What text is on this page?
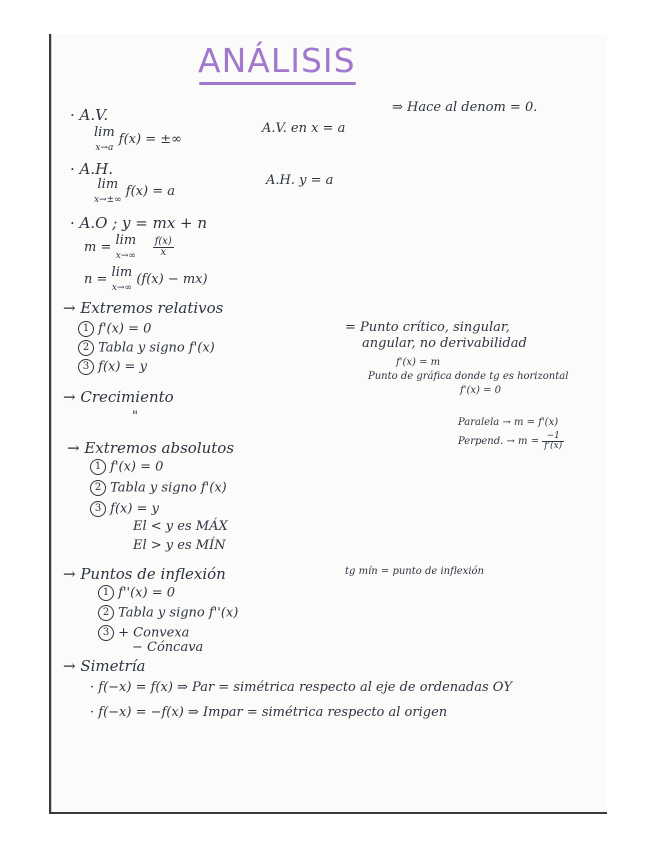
ANÁLISIS
· A.V.
lim
x→a f(x) = ±∞
A.V. en x = a
⇒ Hace al denom = 0.
· A.H.
lim
x→±∞ f(x) = a
A.H. y = a
· A.O ; y = mx + n
m = lim
$x\to\infty \frac{f(x)}{x}$
n = lim
x→∞ (f(x) − mx)
→ Extremos relativos
1 f'(x) = 0
2 Tabla y signo f'(x)
3 f(x) = y
= Punto crítico, singular,
angular, no derivabilidad
f'(x) = m
Punto de gráfica donde tg es horizontal
f'(x) = 0
→ Crecimiento
"	Paralela → m = f'(x)
Perpend. → $m = \frac{-1}{f'(x)}$
→ Extremos absolutos
1 f'(x) = 0
2 Tabla y signo f'(x)
3 f(x) = y
El < y es MÁX
El > y es MÍN
→ Puntos de inflexión	tg mín = punto de inflexión
1 f''(x) = 0
2 Tabla y signo f''(x)
3 + Convexa
− Cóncava
→ Simetría
· f(−x) = f(x) ⇒ Par = simétrica respecto al eje de ordenadas OY
· f(−x) = −f(x) ⇒ Impar = simétrica respecto al origen
